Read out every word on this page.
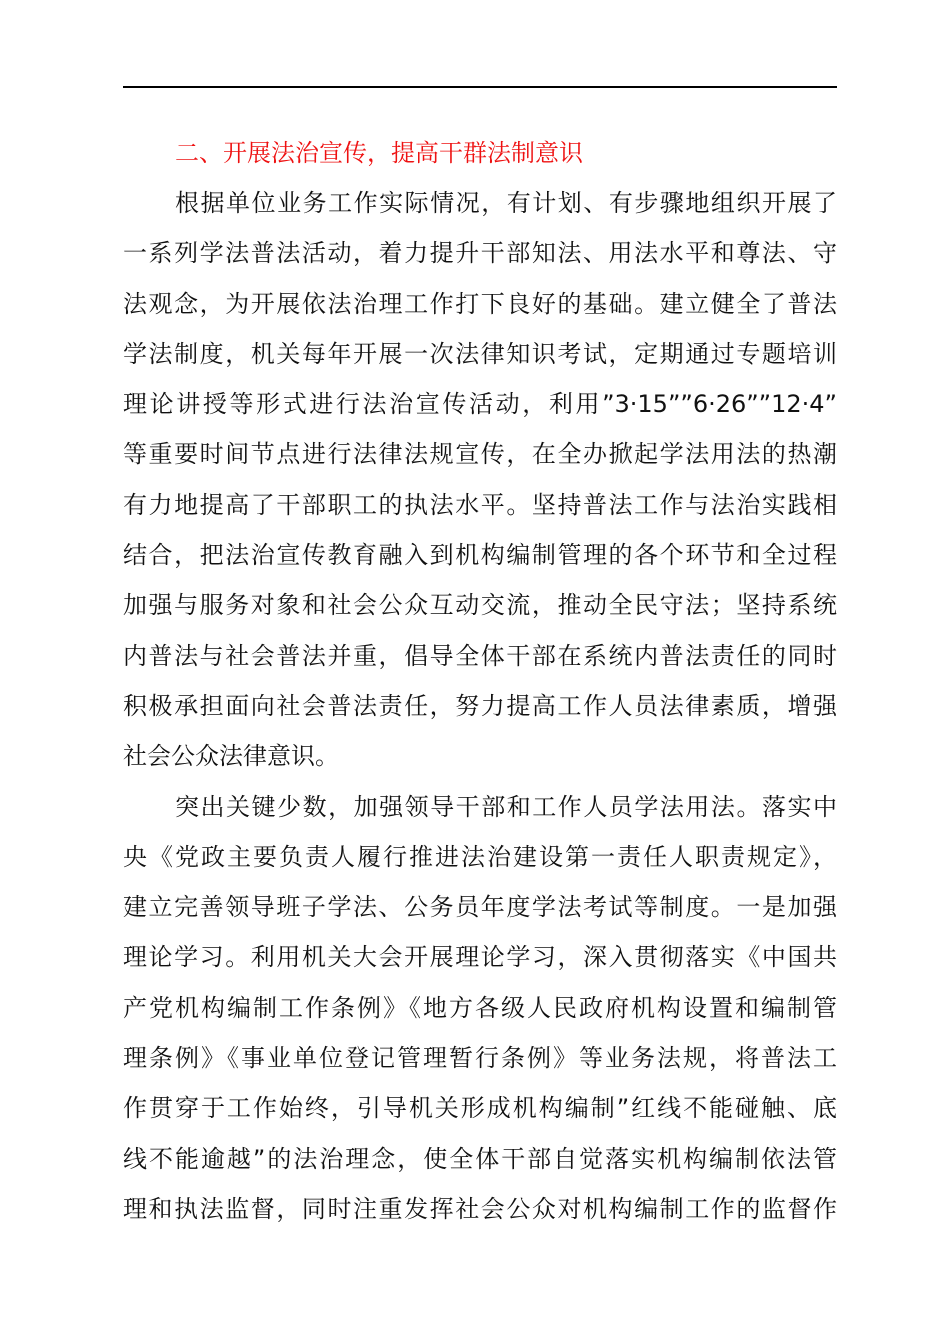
二、开展法治宣传，提高干群法制意识
根据单位业务工作实际情况，有计划、有步骤地组织开展了
一系列学法普法活动，着力提升干部知法、用法水平和尊法、守
法观念，为开展依法治理工作打下良好的基础。建立健全了普法
学法制度，机关每年开展一次法律知识考试，定期通过专题培训
理论讲授等形式进行法治宣传活动，利用”3·15””6·26””12·4”
等重要时间节点进行法律法规宣传，在全办掀起学法用法的热潮
有力地提高了干部职工的执法水平。坚持普法工作与法治实践相
结合，把法治宣传教育融入到机构编制管理的各个环节和全过程
加强与服务对象和社会公众互动交流，推动全民守法；坚持系统
内普法与社会普法并重，倡导全体干部在系统内普法责任的同时
积极承担面向社会普法责任，努力提高工作人员法律素质，增强
社会公众法律意识。
突出关键少数，加强领导干部和工作人员学法用法。落实中
央《党政主要负责人履行推进法治建设第一责任人职责规定》，
建立完善领导班子学法、公务员年度学法考试等制度。一是加强
理论学习。利用机关大会开展理论学习，深入贯彻落实《中国共
产党机构编制工作条例》《地方各级人民政府机构设置和编制管
理条例》《事业单位登记管理暂行条例》等业务法规，将普法工
作贯穿于工作始终，引导机关形成机构编制”红线不能碰触、底
线不能逾越”的法治理念，使全体干部自觉落实机构编制依法管
理和执法监督，同时注重发挥社会公众对机构编制工作的监督作
